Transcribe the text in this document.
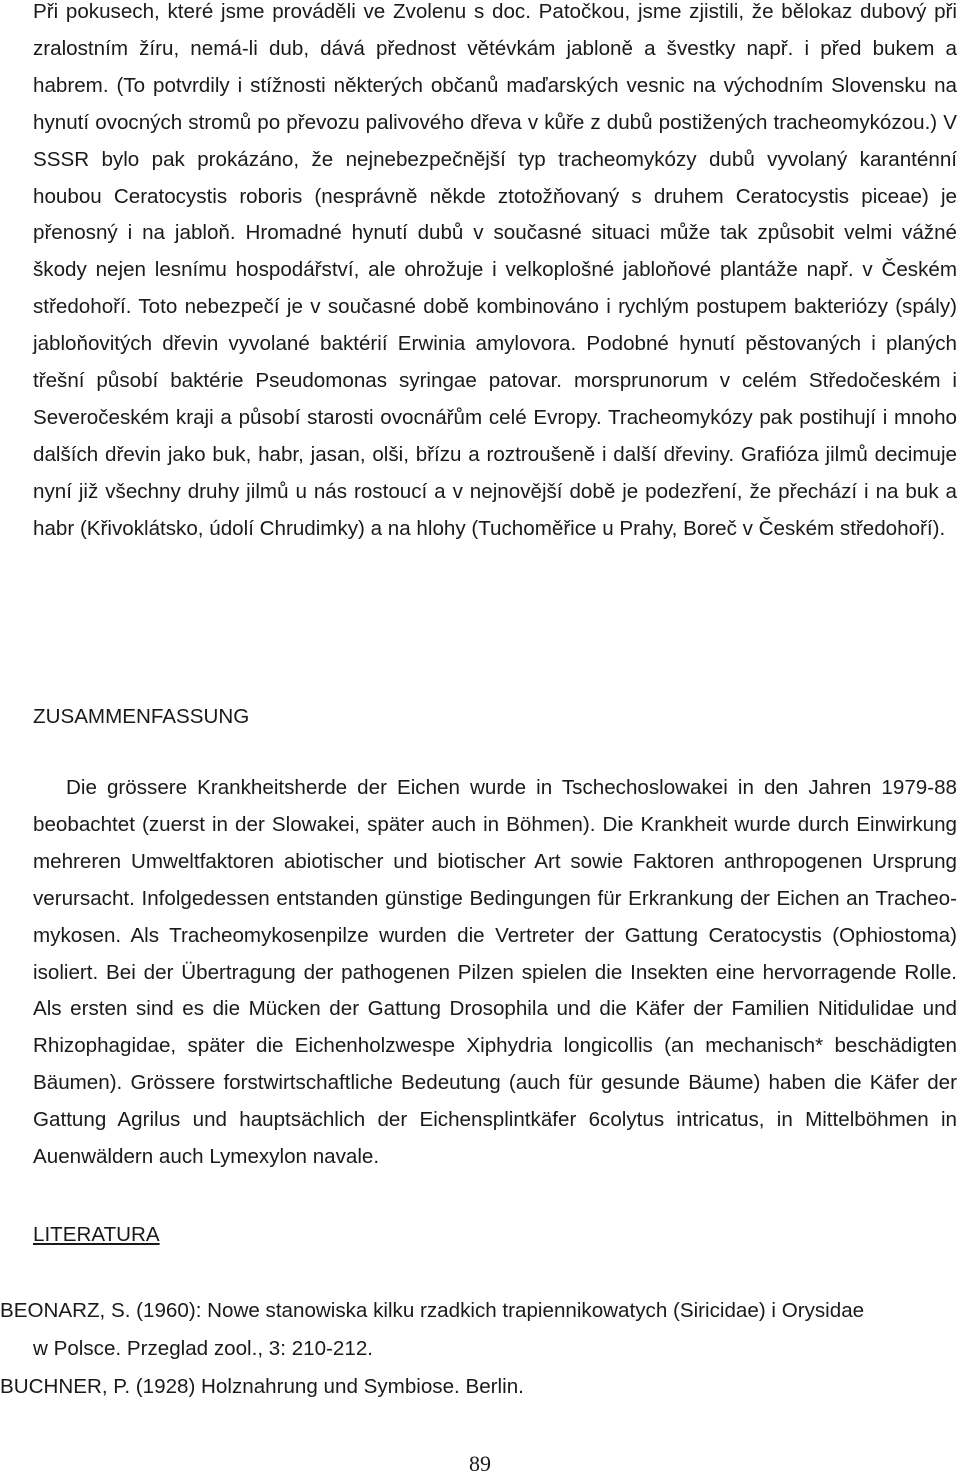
Při pokusech, které jsme prováděli ve Zvolenu s doc. Patočkou, jsme zjistili, že bělokaz dubový při zralostním žíru, nemá-li dub, dává přednost větévkám jabloně a švestky např. i před bukem a habrem. (To potvrdily i stížnosti některých občanů maďarských vesnic na východním Slovensku na hynutí ovocných stromů po převozu palivového dřeva v kůře z dubů postižených tracheomykózou.) V SSSR bylo pak prokázáno, že nejnebezpečnější typ tracheomykózy dubů vyvolaný karanténní houbou Ceratocystis roboris (nesprávně někde ztotožňovaný s druhem Ceratocystis piceae) je přenosný i na jabloň. Hromadné hynutí dubů v současné situaci může tak způsobit velmi vážné škody nejen lesnímu hospodářství, ale ohrožuje i velkoplošné jabloňové plantáže např. v Českém středohoří. Toto nebezpečí je v současné době kombinováno i rychlým postupem bakteriózy (spály) jabloňovitých dřevin vyvolané baktérií Erwinia amylovora. Podobné hynutí pěstovaných i planých třešní působí baktérie Pseudomonas syringae patovar. morsprunorum v celém Středočeském i Severočeském kraji a působí starosti ovocnářům celé Evropy. Tracheomykózy pak postihují i mnoho dalších dřevin jako buk, habr, jasan, olši, břízu a roztroušeně i další dřeviny. Grafióza jilmů decimuje nyní již všechny druhy jilmů u nás rostoucí a v nejnovější době je podezření, že přechází i na buk a habr (Křivoklátsko, údolí Chrudimky) a na hlohy (Tuchoměřice u Prahy, Boreč v Českém středohoří).

ZUSAMMENFASSUNG

Die grössere Krankheitsherde der Eichen wurde in Tschechoslowakei in den Jahren 1979-88 beobachtet (zuerst in der Slowakei, später auch in Böhmen). Die Krankheit wurde durch Einwirkung mehreren Umweltfaktoren abiotischer und biotischer Art sowie Faktoren anthropogenen Ursprung verursacht. Infolgedessen entstanden günstige Bedingungen für Erkrankung der Eichen an Tracheo-mykosen. Als Tracheomykosenpilze wurden die Vertreter der Gattung Ceratocystis (Ophiostoma) isoliert. Bei der Übertragung der pathogenen Pilzen spielen die Insekten eine hervorragende Rolle. Als ersten sind es die Mücken der Gattung Drosophila und die Käfer der Familien Nitidulidae und Rhizophagidae, später die Eichenholzwespe Xiphydria longicollis (an mechanisch* beschädigten Bäumen). Grössere forstwirtschaftliche Bedeutung (auch für gesunde Bäume) haben die Käfer der Gattung Agrilus und hauptsächlich der Eichensplintkäfer 6colytus intricatus, in Mittelböhmen in Auenwäldern auch Lymexylon navale.

LITERATURA

BEONARZ, S. (1960): Nowe stanowiska kilku rzadkich trapiennikowatych (Siricidae) i Orysidae
w Polsce. Przeglad zool., 3: 210-212.

BUCHNER, P. (1928) Holznahrung und Symbiose. Berlin.

89
